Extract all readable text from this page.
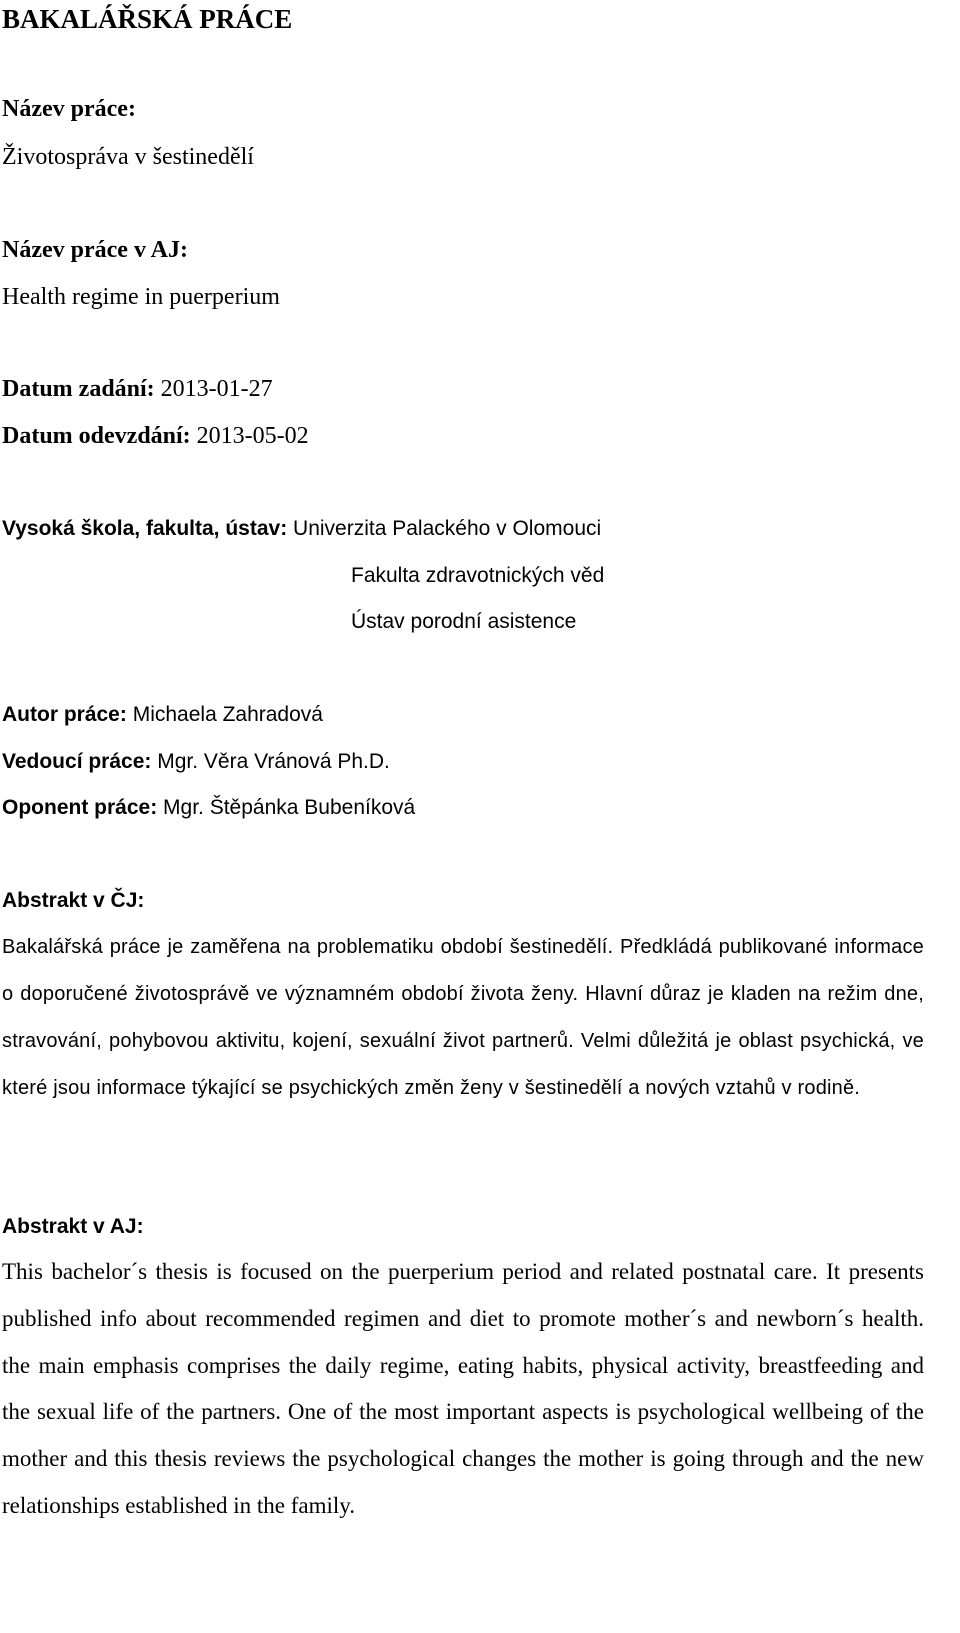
BAKALÁŘSKÁ PRÁCE

Název práce:

Životospráva v šestinedělí

Název práce v AJ:

Health regime in puerperium

Datum zadání: 2013-01-27

Datum odevzdání: 2013-05-02

Vysoká škola, fakulta, ústav: Univerzita Palackého v Olomouci

Fakulta zdravotnických věd

Ústav porodní asistence

Autor práce: Michaela Zahradová

Vedoucí práce: Mgr. Věra Vránová Ph.D.

Oponent práce: Mgr. Štěpánka Bubeníková

Abstrakt v ČJ:

Bakalářská práce je zaměřena na problematiku období šestinedělí. Předkládá publikované informace o doporučené životosprávě ve významném období života ženy. Hlavní důraz je kladen na režim dne, stravování, pohybovou aktivitu, kojení, sexuální život partnerů. Velmi důležitá je oblast psychická, ve které jsou informace týkající se psychických změn ženy v šestinedělí a nových vztahů v rodině.

Abstrakt v AJ:

This bachelor´s thesis is focused on the puerperium period and related postnatal care. It presents published info about recommended regimen and diet to promote mother´s and newborn´s health. the main emphasis comprises the daily regime, eating habits, physical activity, breastfeeding and the sexual life of the partners. One of the most important aspects is psychological wellbeing of the mother and this thesis reviews the psychological changes the mother is going through and the new relationships established in the family.
